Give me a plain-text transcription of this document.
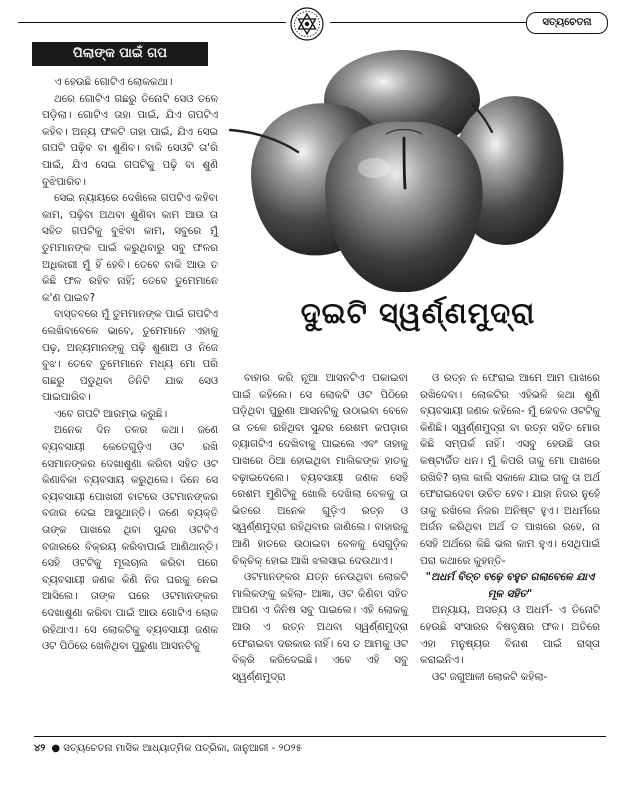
ସତ୍ୟଚେତନା
ପିଲାଙ୍କ ପାଇଁ ଗପ
ଦୁଇଟି ସ୍ୱର୍ଣ୍ଣମୁଦ୍ରା

ଏ ହେଉଛି ଗୋଟିଏ ଲୋକକଥା।

ଥରେ ଗୋଟିଏ ଗଛରୁ ତିନୋଟି ସେଓ ତଳେ ପଡ଼ିଲା। ଗୋଟିଏ ତାହା ପାଇଁ, ଯିଏ ଗପଟିଏ କହିବ। ଅନ୍ୟ ଫଳଟି ତାହା ପାଇଁ, ଯିଏ ସେଇ ଗପଟି ପଢ଼ିବ ବା ଶୁଣିବ। ବାକି ସେଓଟି ତା'ରି ପାଇଁ, ଯିଏ ସେଇ ଗପଟିକୁ ପଢ଼ି ବା ଶୁଣି ବୁଝିପାରିବ।

ସେଇ ନ୍ୟାୟରେ ଦେଖିଲେ ଗପଟିଏ କହିବା କାମ, ପଢ଼ିବା ଅଥବା ଶୁଣିବା କାମ ଆଉ ତା ସହିତ ଗପଟିକୁ ବୁଝିବା କାମ, ସବୁରେ ମୁଁ ତୁମମାନଙ୍କ ପାଇଁ କରୁଥିବାରୁ ସବୁ ଫଳର ଅଧିକାରୀ ମୁଁ ହିଁ ହେବି। ତେବେ ବାକି ଆଉ ତ କିଛି ଫଳ ରହିବ ନାହିଁ; ତେବେ ତୁମେମାନେ କ'ଣ ପାଇବ?

ବାସ୍ତବରେ ମୁଁ ତୁମମାନଙ୍କ ପାଇଁ ଗପଟିଏ ଲେଖିବାବେଳେ ଭାବେ, ତୁମେମାନେ ଏହାକୁ ପଢ଼, ଅନ୍ୟମାନଙ୍କୁ ପଢ଼ି ଶୁଣାଅ ଓ ନିଜେ ବୁଝ। ତେବେ ତୁମେମାନେ ମଧ୍ୟ ମୋ ପରି ଗଛରୁ ପଡୁଥିବା ତିନିଟି ଯାକ ସେଓ ପାଇପାରିବ।

ଏବେ ଗପଟି ଆରମ୍ଭ କରୁଛି।

ଅନେକ ଦିନ ତଳର କଥା। ଜଣେ ବ୍ୟବସାୟୀ କେତେଗୁଡ଼ିଏ ଓଟ ରଖି ସେମାନଙ୍କର ଦେଖାଶୁଣା କରିବା ସହିତ ଓଟ କିଣାବିକା ବ୍ୟବସାୟ କରୁଥିଲେ। ଦିନେ ସେ ବ୍ୟବସାୟୀ ପୋଖରୀ ବାଟରେ ଓଟମାନଙ୍କର ବଜାର ଦେଇ ଆସୁଥାନ୍ତି। ଜଣେ ବ୍ୟକ୍ତି ତାଙ୍କ ପାଖରେ ଥିବା ସୁନ୍ଦର ଓଟଟିଏ ବଜାରରେ ବିକ୍ରୟ କରିବାପାଇଁ ଆଣିଥାନ୍ତି। ସେହି ଓଟଟିକୁ ମୂଲଚାଲ କରିବା ପରେ ବ୍ୟବସାୟୀ ଜଣକ କିଣି ନିଜ ଘରକୁ ନେଇ ଆସିଲେ। ତାଙ୍କ ଘରେ ଓଟମାନଙ୍କର ଦେଖାଶୁଣା କରିବା ପାଇଁ ଆଉ ଗୋଟିଏ ଲୋକ ରହିଥାଏ। ସେ ଲୋକଟିକୁ ବ୍ୟବସାୟୀ ଜଣକ ଓଟ ପିଠିରେ ଖେଳିଥିବା ପୁରୁଣା ଆସନଟିକୁ

ବାହାର କରି ନୂଆ ଆସନଟିଏ ପକାଇବା ପାଇଁ କହିଲେ। ସେ ଲୋକଟି ଓଟ ପିଠିରେ ପଡ଼ିଥିବା ପୁରୁଣା ଆସନଟିକୁ ଉଠାଇବା ବେଳେ ତା ତଳେ ରହିଥିବା ସୁନ୍ଦର ରେଶମ କପଡ଼ାର ବ୍ୟାଗଟିଏ ଦେଖିବାକୁ ପାଇଲେ ଏବଂ ତାହାକୁ ପାଖରେ ଠିଆ ହୋଇଥିବା ମାଲିକଙ୍କ ହାତକୁ ବଢ଼ାଇଦେଲେ। ବ୍ୟବସାୟୀ ଜଣକ ସେହି ରେଶମ ମୁଣିଟିକୁ ଖୋଲି ଦେଖିଲା ବେଳକୁ ତା ଭିତରେ ଅନେକ ଗୁଡ଼ିଏ ରତ୍ନ ଓ ସ୍ୱର୍ଣ୍ଣମୁଦ୍ରା ରହିଥିବାର ଜାଣିଲେ। ବାହାରକୁ ଆଣି ହାତରେ ଉଠାଇବା ବେଳକୁ ସେଗୁଡ଼ିକ ଚିକ୍‌ଚିକ୍ ହୋଇ ଆଖି ଝଲସାଇ ଦେଉଥାଏ।

ଓଟମାନଙ୍କର ଯତ୍ନ ନେଉଥିବା ଲୋକଟି ମାଲିକଙ୍କୁ କହିଲା- ଆଜ୍ଞା, ଓଟ କିଣିବା ସହିତ ଆପଣ ଏ ଜିନିଷ ସବୁ ପାଇଲେ। ଏହି ଲୋକକୁ ଆଉ ଏ ରତ୍ନ ଅଥବା ସ୍ୱର୍ଣ୍ଣମୁଦ୍ରା ଫେରାଇବା ଦରକାର ନାହିଁ। ସେ ତ ଆମକୁ ଓଟ ବିକ୍ରି କରିଦେଇଛି। ଏବେ ଏହି ସବୁ ସ୍ୱର୍ଣ୍ଣମୁଦ୍ରା

ଓ ରତ୍ନ ନ ଫେରାଇ ଆମେ ଆମ ପାଖରେ ରଖିଦେବା। ଲୋକଟିର ଏହିଭଳି କଥା ଶୁଣି ବ୍ୟବସାୟୀ ଜଣକ କହିଲେ- ମୁଁ କେବଳ ଓଟଟିକୁ କିଣିଛି। ସ୍ୱର୍ଣ୍ଣମୁଦ୍ରା ବା ରତ୍ନ ସହିତ ମୋର କିଛି ସମ୍ପର୍କ ନାହିଁ। ଏସବୁ ହେଉଛି ତାର କଷ୍ଟାର୍ଜିତ ଧନ। ମୁଁ କିପରି ତାକୁ ମୋ ପାଖରେ ରଖିବି? ଚାଲ କାଲି ସକାଳେ ଯାଇ ତାକୁ ତା ଅର୍ଥ ଫେରାଇଦେବା ଉଚିତ ହେବ। ଯାହା ନିଜର ନୁହେଁ ତାକୁ ରଖିଲେ ନିଜର ଅନିଷ୍ଟ ହୁଏ। ଅଧର୍ମରେ ଅର୍ଜନ କରିଥିବା ଅର୍ଥ ତ ପାଖରେ ରହେ, ନା ସେହି ଅର୍ଥରେ କିଛି ଭଲ କାମ ହୁଏ। ସେଥିପାଇଁ ପରା କଥାରେ କୁହନ୍ତି-

"ଅଧର୍ମ ବିତ୍ତ ବଢ଼େ ବହୁତ ଗଲାବେଳେ ଯାଏ ମୂଳ ସହିତ"

ଅନ୍ୟାୟ, ଅସତ୍ୟ ଓ ଅଧର୍ମ- ଏ ତିନୋଟି ହେଉଛି ସଂସାରର ବିଷବୃକ୍ଷର ଫଳ। ଅତିରେ ଏହା ମନୁଷ୍ୟର ବିନାଶ ପାଇଁ ରାସ୍ତା କରାଇନିଏ।

ଓଟ ଜଗୁଆଳୀ ଲୋକଟି କହିଲା-

୪୨ ● ସତ୍ୟଚେତନା ମାସିକ ଆଧ୍ୟାତ୍ମିକ ପତ୍ରିକା, ଜାନୁଆରୀ - ୨୦୨୫
